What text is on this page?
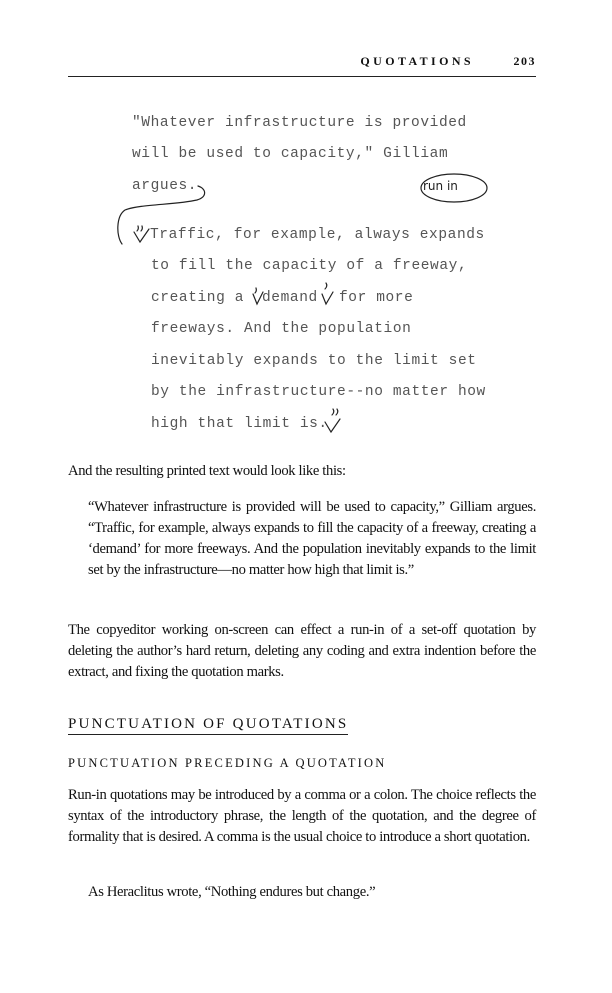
QUOTATIONS	203
"Whatever infrastructure is provided
will be used to capacity," Gilliam
argues.
Traffic, for example, always expands
to fill the capacity of a freeway,
creating a demand for more
freeways. And the population
inevitably expands to the limit set
by the infrastructure--no matter how
high that limit is.
run in

And the resulting printed text would look like this:

“Whatever infrastructure is provided will be used to capacity,” Gilliam argues. “Traffic, for example, always expands to fill the capacity of a freeway, creating a ‘demand’ for more freeways. And the population inevitably expands to the limit set by the infrastructure—no matter how high that limit is.”

The copyeditor working on-screen can effect a run-in of a set-off quotation by deleting the author’s hard return, deleting any coding and extra indention before the extract, and fixing the quotation marks.

PUNCTUATION OF QUOTATIONS
PUNCTUATION PRECEDING A QUOTATION

Run-in quotations may be introduced by a comma or a colon. The choice reflects the syntax of the introductory phrase, the length of the quotation, and the degree of formality that is desired. A comma is the usual choice to introduce a short quotation.

As Heraclitus wrote, “Nothing endures but change.”
